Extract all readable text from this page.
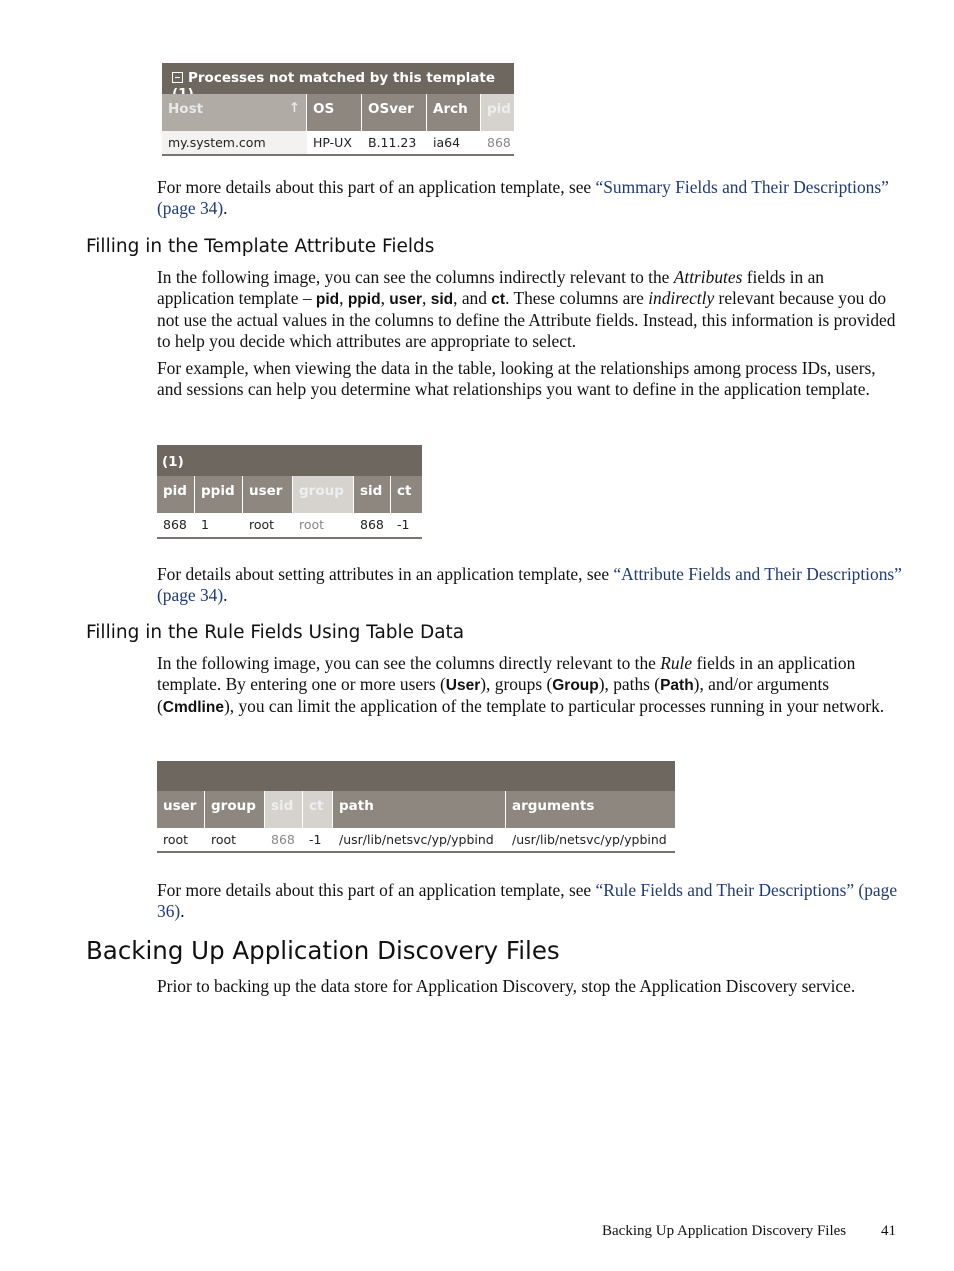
Processes not matched by this template
Host	↑ OS	OSver	Arch	pid
my.system.com	HP-UX	B.11.23	ia64	868

For more details about this part of an application template, see “Summary Fields and Their Descriptions” (page 34).

Filling in the Template Attribute Fields

In the following image, you can see the columns indirectly relevant to the Attributes fields in an application template – pid, ppid, user, sid, and ct. These columns are indirectly relevant because you do not use the actual values in the columns to define the Attribute fields. Instead, this information is provided to help you decide which attributes are appropriate to select.

For example, when viewing the data in the table, looking at the relationships among process IDs, users, and sessions can help you determine what relationships you want to define in the application template.

(1)
pid	ppid	user	group	sid	ct
868	1	root	root	868	-1

For details about setting attributes in an application template, see “Attribute Fields and Their Descriptions” (page 34).

Filling in the Rule Fields Using Table Data

In the following image, you can see the columns directly relevant to the Rule fields in an application template. By entering one or more users (User), groups (Group), paths (Path), and/or arguments (Cmdline), you can limit the application of the template to particular processes running in your network.

user	group	sid	ct	path	arguments
root	root	868	-1	/usr/lib/netsvc/yp/ypbind	/usr/lib/netsvc/yp/ypbind

For more details about this part of an application template, see “Rule Fields and Their Descriptions” (page 36).

Backing Up Application Discovery Files

Prior to backing up the data store for Application Discovery, stop the Application Discovery service.

Backing Up Application Discovery Files 41
